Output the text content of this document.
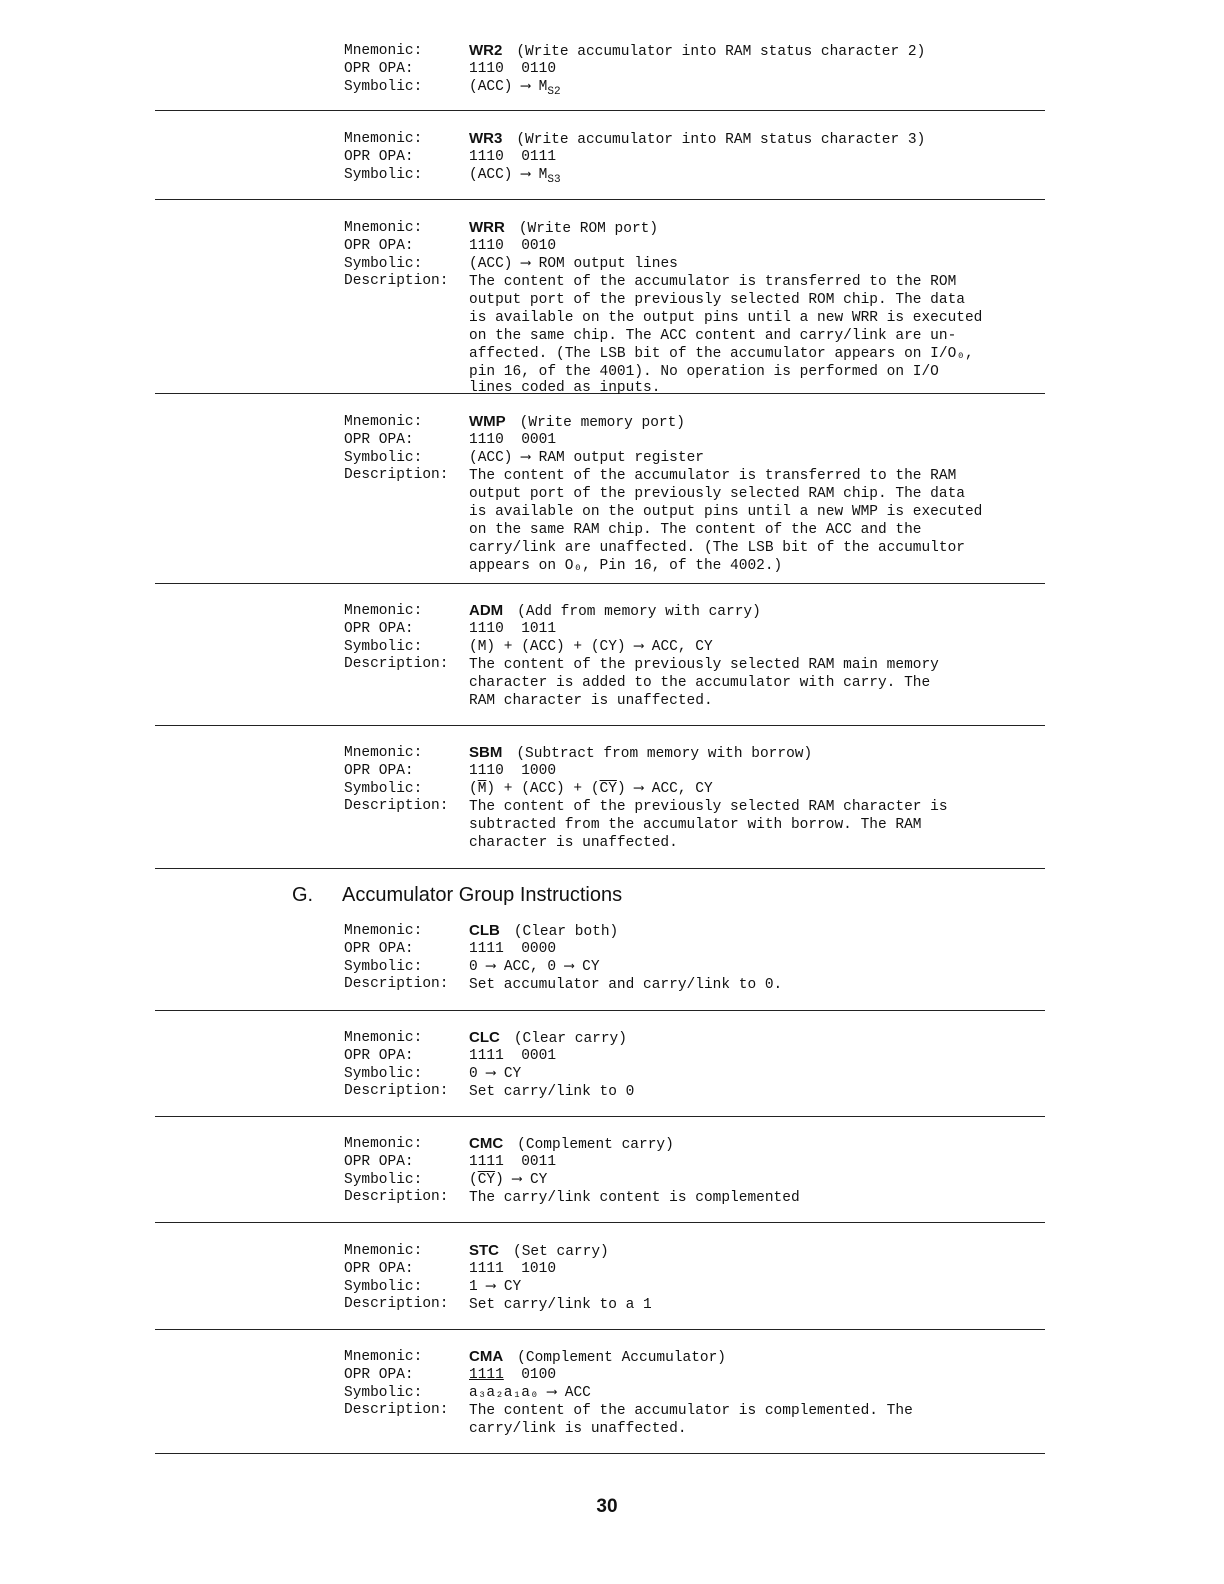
Mnemonic:	WR2 (Write accumulator into RAM status character 2)
OPR OPA:	1110 0110
Symbolic:	(ACC) ⟶ $M_{S2}$
Mnemonic:	WR3 (Write accumulator into RAM status character 3)
OPR OPA:	1110 0111
Symbolic:	(ACC) ⟶ $M_{S3}$
Mnemonic:	WRR (Write ROM port)
OPR OPA:	1110 0010
Symbolic:	(ACC) ⟶ ROM output lines
Description:	The content of the accumulator is transferred to the ROM
output port of the previously selected ROM chip. The data
is available on the output pins until a new WRR is executed
on the same chip. The ACC content and carry/link are un-
affected. (The LSB bit of the accumulator appears on I/O₀,
pin 16, of the 4001). No operation is performed on I/O
lines coded as inputs.
Mnemonic:	WMP (Write memory port)
OPR OPA:	1110 0001
Symbolic:	(ACC) ⟶ RAM output register
Description:	The content of the accumulator is transferred to the RAM
output port of the previously selected RAM chip. The data
is available on the output pins until a new WMP is executed
on the same RAM chip. The content of the ACC and the
carry/link are unaffected. (The LSB bit of the accumultor
appears on O₀, Pin 16, of the 4002.)
Mnemonic:	ADM (Add from memory with carry)
OPR OPA:	1110 1011
Symbolic:	(M) + (ACC) + (CY) ⟶ ACC, CY
Description:	The content of the previously selected RAM main memory
character is added to the accumulator with carry. The
RAM character is unaffected.
Mnemonic:	SBM (Subtract from memory with borrow)
OPR OPA:	1110 1000
Symbolic:	$(\overline{M}) + (ACC) + (\overline{CY})$ ⟶ ACC, CY
Description:	The content of the previously selected RAM character is
subtracted from the accumulator with borrow. The RAM
character is unaffected.
G. Accumulator Group Instructions
Mnemonic:	CLB (Clear both)
OPR OPA:	1111 0000
Symbolic:	0 ⟶ ACC, 0 ⟶ CY
Description:	Set accumulator and carry/link to 0.
Mnemonic:	CLC (Clear carry)
OPR OPA:	1111 0001
Symbolic:	0 ⟶ CY
Description:	Set carry/link to 0
Mnemonic:	CMC (Complement carry)
OPR OPA:	1111 0011
Symbolic:	$(\overline{CY})$ ⟶ CY
Description:	The carry/link content is complemented
Mnemonic:	STC (Set carry)
OPR OPA:	1111 1010
Symbolic:	1 ⟶ CY
Description:	Set carry/link to a 1
Mnemonic:	CMA (Complement Accumulator)
OPR OPA:	1111 0100
Symbolic:	a₃a₂a₁a₀ ⟶ ACC
Description:	The content of the accumulator is complemented. The
carry/link is unaffected.
30
